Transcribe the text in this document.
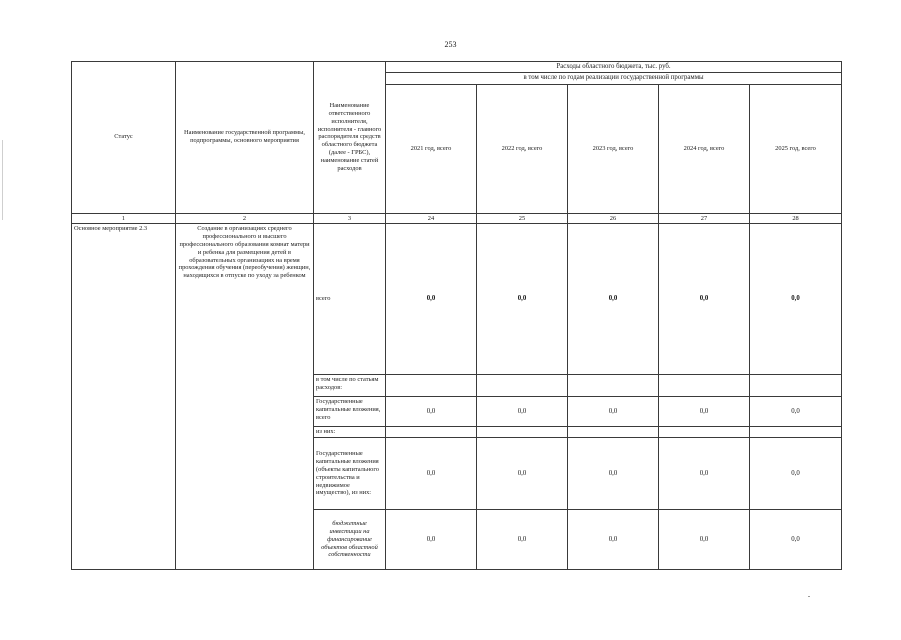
253
Статус	Наименование государственной программы, подпрограммы, основного мероприятия	Наименование ответственного исполнителя, исполнителя - главного распорядителя средств областного бюджета (далее - ГРБС), наименование статей расходов	Расходы областного бюджета, тыс. руб.				
			в том числе по годам реализации государственной программы				
			2021 год, всего	2022 год, всего	2023 год, всего	2024 год, всего	2025 год, всего
1	2	3	24	25	26	27	28
Основное мероприятие 2.3	Создание в организациях среднего профессионального и высшего профессионального образования комнат матери и ребенка для размещения детей в образовательных организациях на время прохождения обучения (переобучения) женщин, находящихся в отпуске по уходу за ребенком	всего	0,0	0,0	0,0	0,0	0,0
		в том числе по статьям расходов:					
		Государственные капитальные вложения, всего	0,0	0,0	0,0	0,0	0,0
		из них:					
		Государственные капитальные вложения (объекты капитального строительства и недвижимое имущество), из них:	0,0	0,0	0,0	0,0	0,0
		бюджетные инвестиции на финансирование объектов областной собственности	0,0	0,0	0,0	0,0	0,0
